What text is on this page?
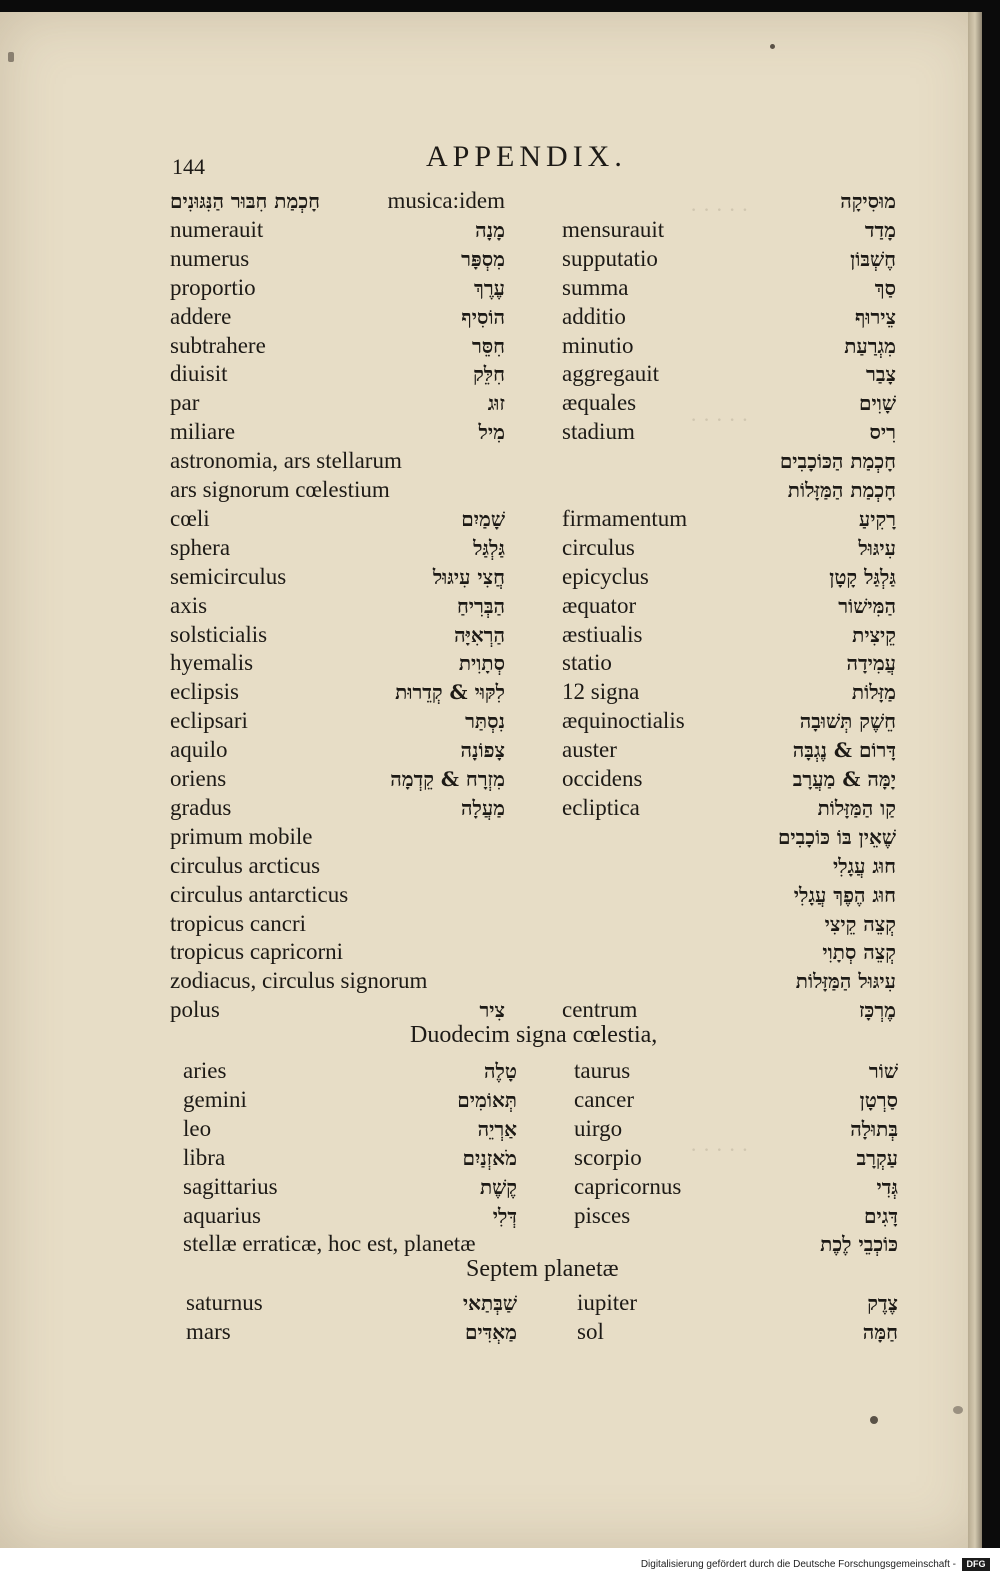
· · · · ·
· · · · ·
· · · · ·
144	APPENDIX.
חָכְמַת חִבּוּר הַנִּגּוּנִים	musica:idem	מוּסִיקָה
numerauit	מָנָה mensurauit	מָדַד
numerus	מִסְפָּר supputatio	חֶשְׁבּוֹן
proportio	עֶרֶךְ summa	סַךְ
addere	הוֹסִיף additio	צֵירוּף
subtrahere	חִסֵּר minutio	מִגְרַעַת
diuisit	חִלֵּק aggregauit	צָבַר
par	זוּג æquales	שָׁוִים
miliare	מִיל stadium	רִיס
astronomia, ars stellarum	חָכְמַת הַכּוֹכָבִים
ars signorum cœlestium	חָכְמַת הַמַּזָּלוֹת
cœli	שָׁמַיִם firmamentum	רָקִיעַ
sphera	גַּלְגַּל circulus	עִיגּוּל
semicirculus	חֲצִי עִיגּוּל epicyclus	גַּלְגַּל קָטָן
axis	הַבְּרִיחַ æquator	הַמִּישׁוֹר
solsticialis	הַרְאִיָּה æstiualis	קֵיצִית
hyemalis	סְתָוִית statio	עֲמִידָה
eclipsis	לִקּוּי & קְדֵרוּת 12 signa	מַזָּלוֹת
eclipsari	נִסְתַּר æquinoctialis	חֵשֶׁק תְּשׁוּבָה
aquilo	צָפוֹנָה auster	דָּרוֹם & נֶגְבָּה
oriens	מִזְרָח & קֵדְמָה occidens	יָמָּה & מַעֲרָב
gradus	מַעֲלָה ecliptica	קַו הַמַּזָּלוֹת
primum mobile	שֶׁאֵין בּוֹ כּוֹכָבִים
circulus arcticus	חוּג עֲגָלִי
circulus antarcticus	חוּג הֶפֶךְ עֲגָלִי
tropicus cancri	קְצֵה קֵיצִי
tropicus capricorni	קְצֵה סְתָוִי
zodiacus, circulus signorum	עִיגּוּל הַמַּזָּלוֹת
polus	צִיר centrum	מֶרְכָּז
Duodecim signa cœlestia,
aries	טָלֶה taurus	שׁוֹר
gemini	תְּאוֹמִים cancer	סַרְטָן
leo	אַרְיֵה uirgo	בְּתוּלָה
libra	מֹאזְנַיִם scorpio	עַקְרָב
sagittarius	קֶשֶׁת capricornus	גְּדִי
aquarius	דְּלִי pisces	דָּגִים
stellæ erraticæ, hoc est, planetæ	כּוֹכְבֵי לֶכֶת
Septem planetæ
saturnus	שַׁבְּתַאי	iupiter	צֶדֶק
mars	מַאְדִּים	sol	חַמָּה
Digitalisierung gefördert durch die Deutsche Forschungsgemeinschaft -	DFG
